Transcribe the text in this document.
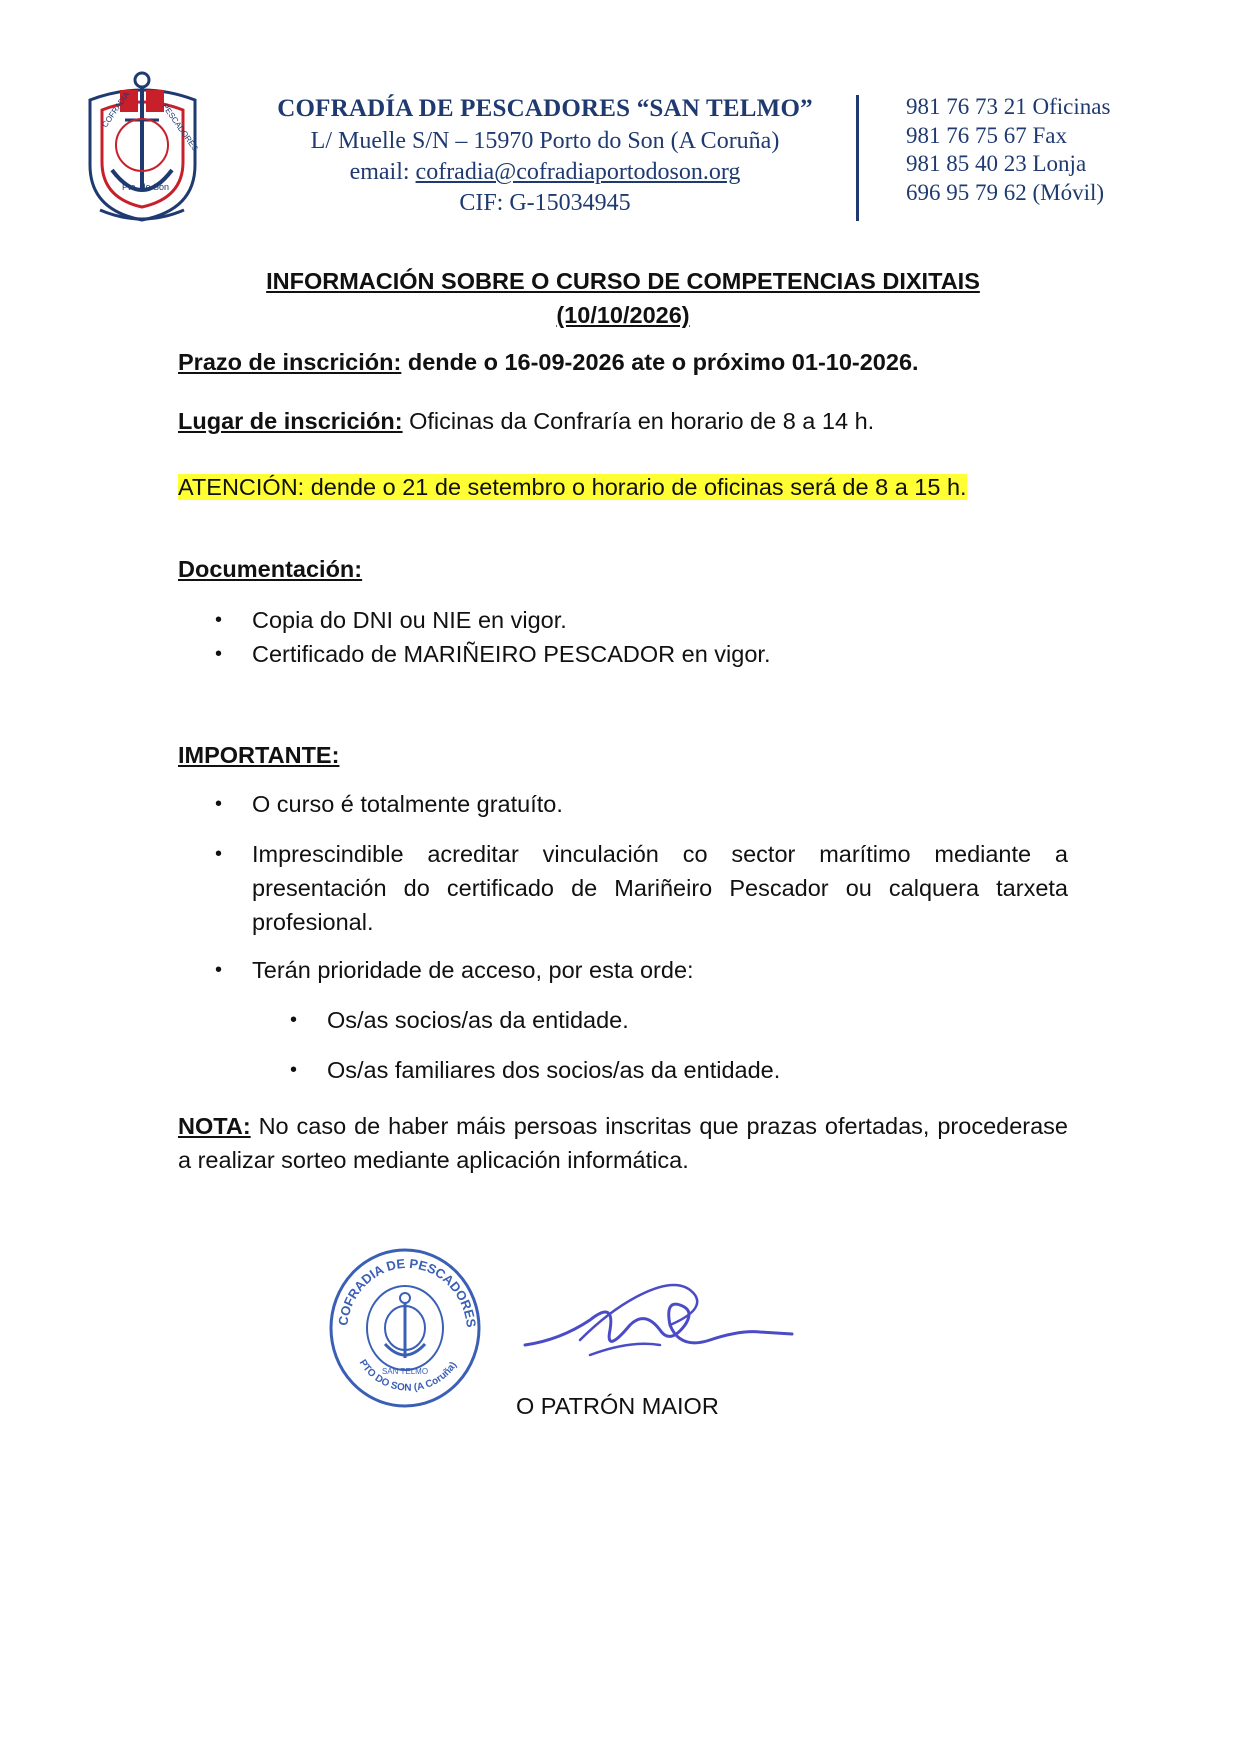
COFRADIA	PESCADORES
Pto. do Son
COFRADÍA DE PESCADORES “SAN TELMO”
L/ Muelle S/N – 15970 Porto do Son (A Coruña)
email: cofradia@cofradiaportodoson.org
CIF: G-15034945
981 76 73 21 Oficinas
981 76 75 67 Fax
981 85 40 23 Lonja
696 95 79 62 (Móvil)
INFORMACIÓN SOBRE O CURSO DE COMPETENCIAS DIXITAIS
(10/10/2026)
Prazo de inscrición: dende o 16-09-2026 ate o próximo 01-10-2026.
Lugar de inscrición: Oficinas da Confraría en horario de 8 a 14 h.
ATENCIÓN: dende o 21 de setembro o horario de oficinas será de 8 a 15 h.
Documentación:
• Copia do DNI ou NIE en vigor.
• Certificado de MARIÑEIRO PESCADOR en vigor.
IMPORTANTE:
• O curso é totalmente gratuíto.
• Imprescindible acreditar vinculación co sector marítimo mediante a presentación do certificado de Mariñeiro Pescador ou calquera tarxeta profesional.
• Terán prioridade de acceso, por esta orde:
• Os/as socios/as da entidade.
• Os/as familiares dos socios/as da entidade.
NOTA: No caso de haber máis persoas inscritas que prazas ofertadas, procederase a realizar sorteo mediante aplicación informática.
COFRADIA DE PESCADORES
SAN TELMO
PTO DO SON (A Coruña)
O PATRÓN MAIOR
